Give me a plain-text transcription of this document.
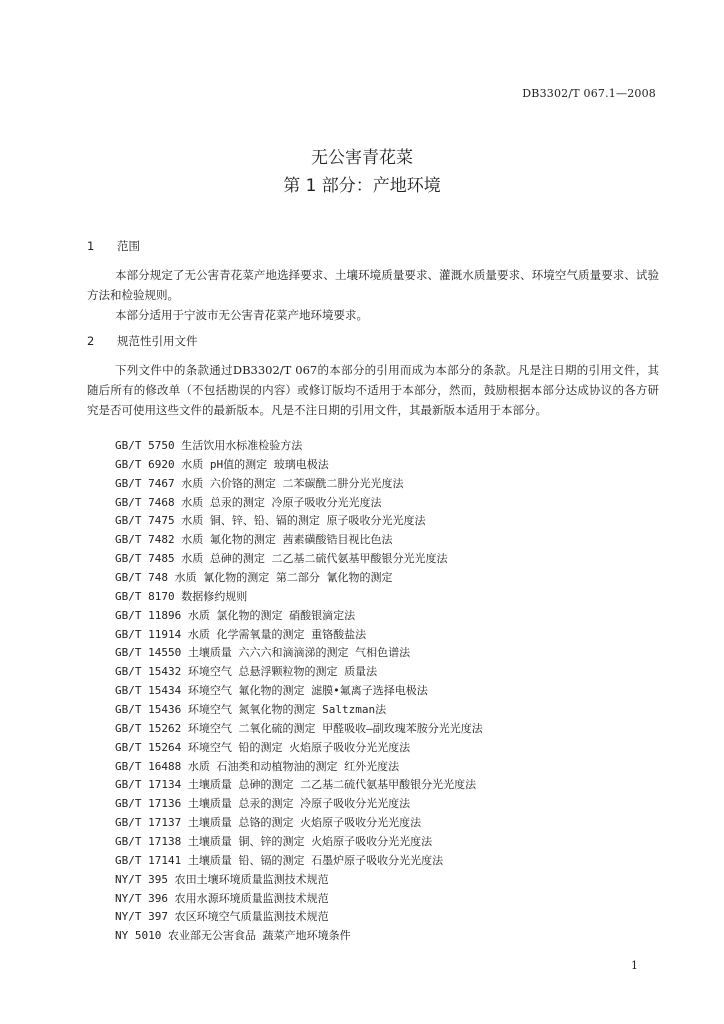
DB3302/T 067.1—2008
无公害青花菜
第 1 部分：产地环境
1 范围

本部分规定了无公害青花菜产地选择要求、土壤环境质量要求、灌溉水质量要求、环境空气质量要求、试验方法和检验规则。

本部分适用于宁波市无公害青花菜产地环境要求。

2 规范性引用文件

下列文件中的条款通过DB3302/T 067的本部分的引用而成为本部分的条款。凡是注日期的引用文件，其随后所有的修改单（不包括勘误的内容）或修订版均不适用于本部分，然而，鼓励根据本部分达成协议的各方研究是否可使用这些文件的最新版本。凡是不注日期的引用文件，其最新版本适用于本部分。

GB/T 5750 生活饮用水标准检验方法
GB/T 6920 水质 pH值的测定 玻璃电极法
GB/T 7467 水质 六价铬的测定 二苯碳酰二肼分光光度法
GB/T 7468 水质 总汞的测定 冷原子吸收分光光度法
GB/T 7475 水质 铜、锌、铅、镉的测定 原子吸收分光光度法
GB/T 7482 水质 氟化物的测定 茜素磺酸锆目视比色法
GB/T 7485 水质 总砷的测定 二乙基二硫代氨基甲酸银分光光度法
GB/T 748 水质 氰化物的测定 第二部分 氰化物的测定
GB/T 8170 数据修约规则
GB/T 11896 水质 氯化物的测定 硝酸银滴定法
GB/T 11914 水质 化学需氧量的测定 重铬酸盐法
GB/T 14550 土壤质量 六六六和滴滴涕的测定 气相色谱法
GB/T 15432 环境空气 总悬浮颗粒物的测定 质量法
GB/T 15434 环境空气 氟化物的测定 滤膜•氟离子选择电极法
GB/T 15436 环境空气 氮氧化物的测定 Saltzman法
GB/T 15262 环境空气 二氧化硫的测定 甲醛吸收—副玫瑰苯胺分光光度法
GB/T 15264 环境空气 铅的测定 火焰原子吸收分光光度法
GB/T 16488 水质 石油类和动植物油的测定 红外光度法
GB/T 17134 土壤质量 总砷的测定 二乙基二硫代氨基甲酸银分光光度法
GB/T 17136 土壤质量 总汞的测定 冷原子吸收分光光度法
GB/T 17137 土壤质量 总铬的测定 火焰原子吸收分光光度法
GB/T 17138 土壤质量 铜、锌的测定 火焰原子吸收分光光度法
GB/T 17141 土壤质量 铅、镉的测定 石墨炉原子吸收分光光度法
NY/T 395 农田土壤环境质量监测技术规范
NY/T 396 农用水源环境质量监测技术规范
NY/T 397 农区环境空气质量监测技术规范
NY 5010 农业部无公害食品 蔬菜产地环境条件
1
